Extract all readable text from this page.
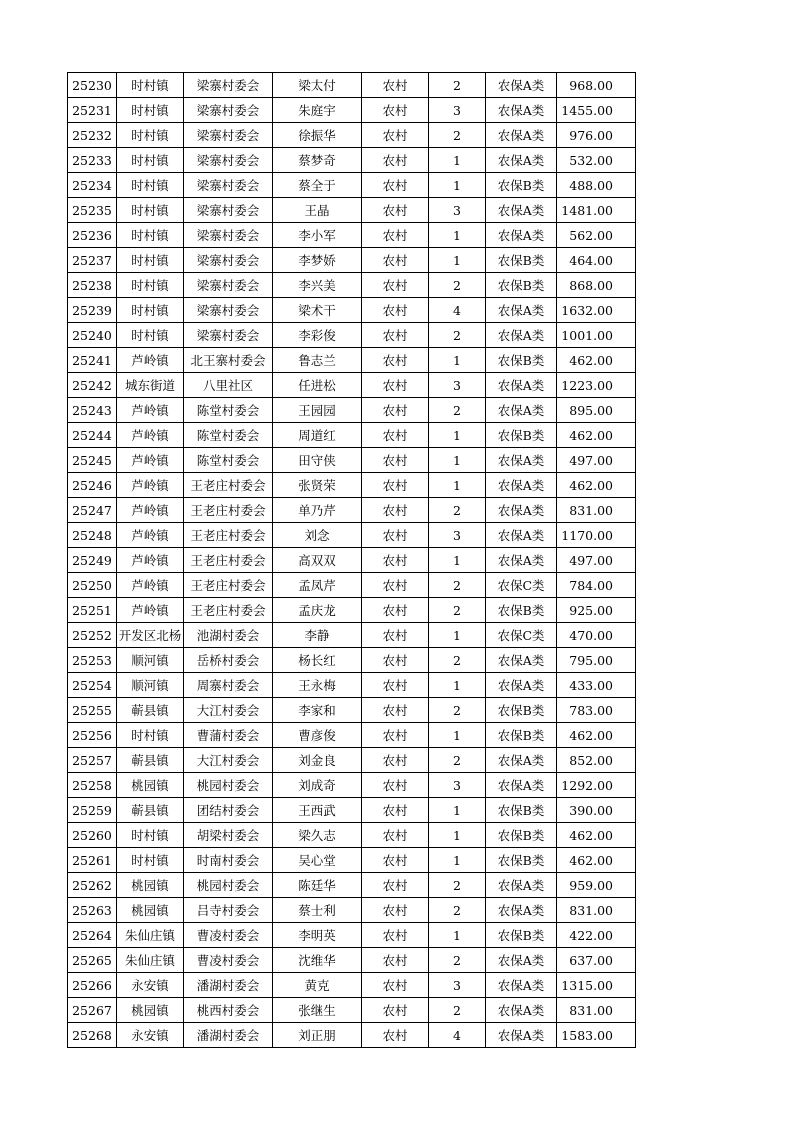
25230	时村镇	梁寨村委会	梁太付	农村	2	农保A类	968.00
25231	时村镇	梁寨村委会	朱庭宇	农村	3	农保A类	1455.00
25232	时村镇	梁寨村委会	徐振华	农村	2	农保A类	976.00
25233	时村镇	梁寨村委会	蔡梦奇	农村	1	农保A类	532.00
25234	时村镇	梁寨村委会	蔡全于	农村	1	农保B类	488.00
25235	时村镇	梁寨村委会	王晶	农村	3	农保A类	1481.00
25236	时村镇	梁寨村委会	李小军	农村	1	农保A类	562.00
25237	时村镇	梁寨村委会	李梦娇	农村	1	农保B类	464.00
25238	时村镇	梁寨村委会	李兴美	农村	2	农保B类	868.00
25239	时村镇	梁寨村委会	梁术干	农村	4	农保A类	1632.00
25240	时村镇	梁寨村委会	李彩俊	农村	2	农保A类	1001.00
25241	芦岭镇	北王寨村委会	鲁志兰	农村	1	农保B类	462.00
25242	城东街道	八里社区	任进松	农村	3	农保A类	1223.00
25243	芦岭镇	陈堂村委会	王园园	农村	2	农保A类	895.00
25244	芦岭镇	陈堂村委会	周道红	农村	1	农保B类	462.00
25245	芦岭镇	陈堂村委会	田守侠	农村	1	农保A类	497.00
25246	芦岭镇	王老庄村委会	张贤荣	农村	1	农保A类	462.00
25247	芦岭镇	王老庄村委会	单乃芹	农村	2	农保A类	831.00
25248	芦岭镇	王老庄村委会	刘念	农村	3	农保A类	1170.00
25249	芦岭镇	王老庄村委会	高双双	农村	1	农保A类	497.00
25250	芦岭镇	王老庄村委会	孟凤芹	农村	2	农保C类	784.00
25251	芦岭镇	王老庄村委会	孟庆龙	农村	2	农保B类	925.00
25252	开发区北杨	池湖村委会	李静	农村	1	农保C类	470.00
25253	顺河镇	岳桥村委会	杨长红	农村	2	农保A类	795.00
25254	顺河镇	周寨村委会	王永梅	农村	1	农保A类	433.00
25255	蕲县镇	大江村委会	李家和	农村	2	农保B类	783.00
25256	时村镇	曹蒲村委会	曹彦俊	农村	1	农保B类	462.00
25257	蕲县镇	大江村委会	刘金良	农村	2	农保A类	852.00
25258	桃园镇	桃园村委会	刘成奇	农村	3	农保A类	1292.00
25259	蕲县镇	团结村委会	王西武	农村	1	农保B类	390.00
25260	时村镇	胡梁村委会	梁久志	农村	1	农保B类	462.00
25261	时村镇	时南村委会	吴心堂	农村	1	农保B类	462.00
25262	桃园镇	桃园村委会	陈廷华	农村	2	农保A类	959.00
25263	桃园镇	吕寺村委会	蔡士利	农村	2	农保A类	831.00
25264	朱仙庄镇	曹凌村委会	李明英	农村	1	农保B类	422.00
25265	朱仙庄镇	曹凌村委会	沈维华	农村	2	农保A类	637.00
25266	永安镇	潘湖村委会	黄克	农村	3	农保A类	1315.00
25267	桃园镇	桃西村委会	张继生	农村	2	农保A类	831.00
25268	永安镇	潘湖村委会	刘正朋	农村	4	农保A类	1583.00
